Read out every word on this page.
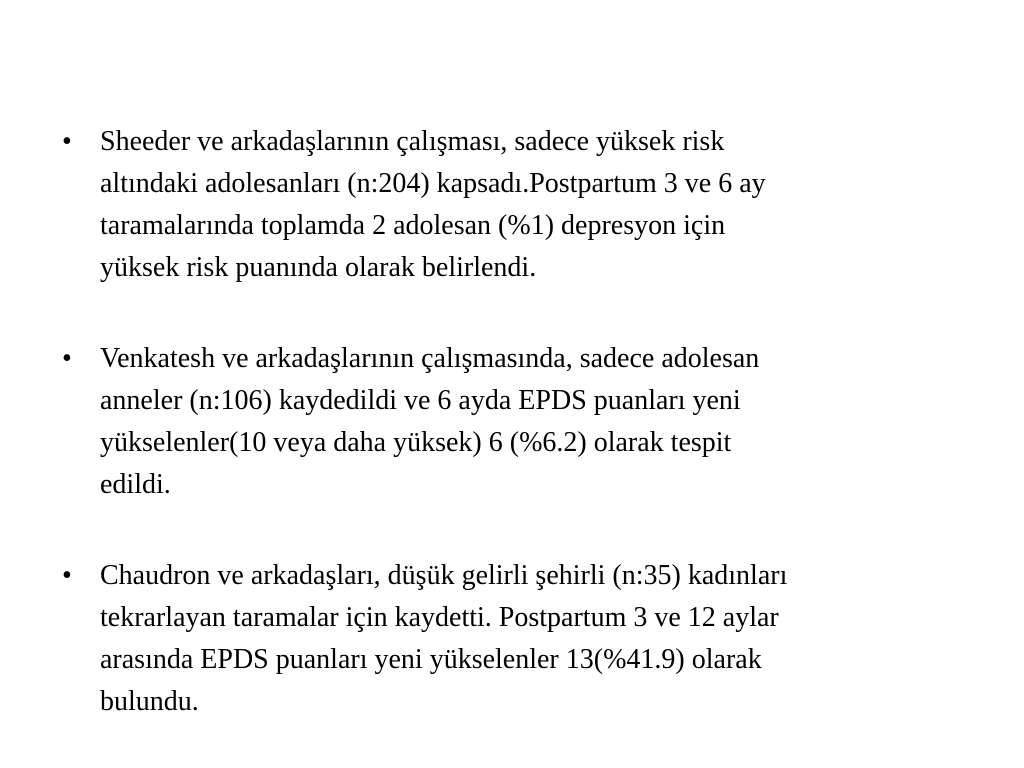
•	Sheeder ve arkadaşlarının çalışması, sadece yüksek risk
altındaki adolesanları (n:204) kapsadı.Postpartum 3 ve 6 ay
taramalarında toplamda 2 adolesan (%1) depresyon için
yüksek risk puanında olarak belirlendi.
•	Venkatesh ve arkadaşlarının çalışmasında, sadece adolesan
anneler (n:106) kaydedildi ve 6 ayda EPDS puanları yeni
yükselenler(10 veya daha yüksek) 6 (%6.2) olarak tespit
edildi.
•	Chaudron ve arkadaşları, düşük gelirli şehirli (n:35) kadınları
tekrarlayan taramalar için kaydetti. Postpartum 3 ve 12 aylar
arasında EPDS puanları yeni yükselenler 13(%41.9) olarak
bulundu.
